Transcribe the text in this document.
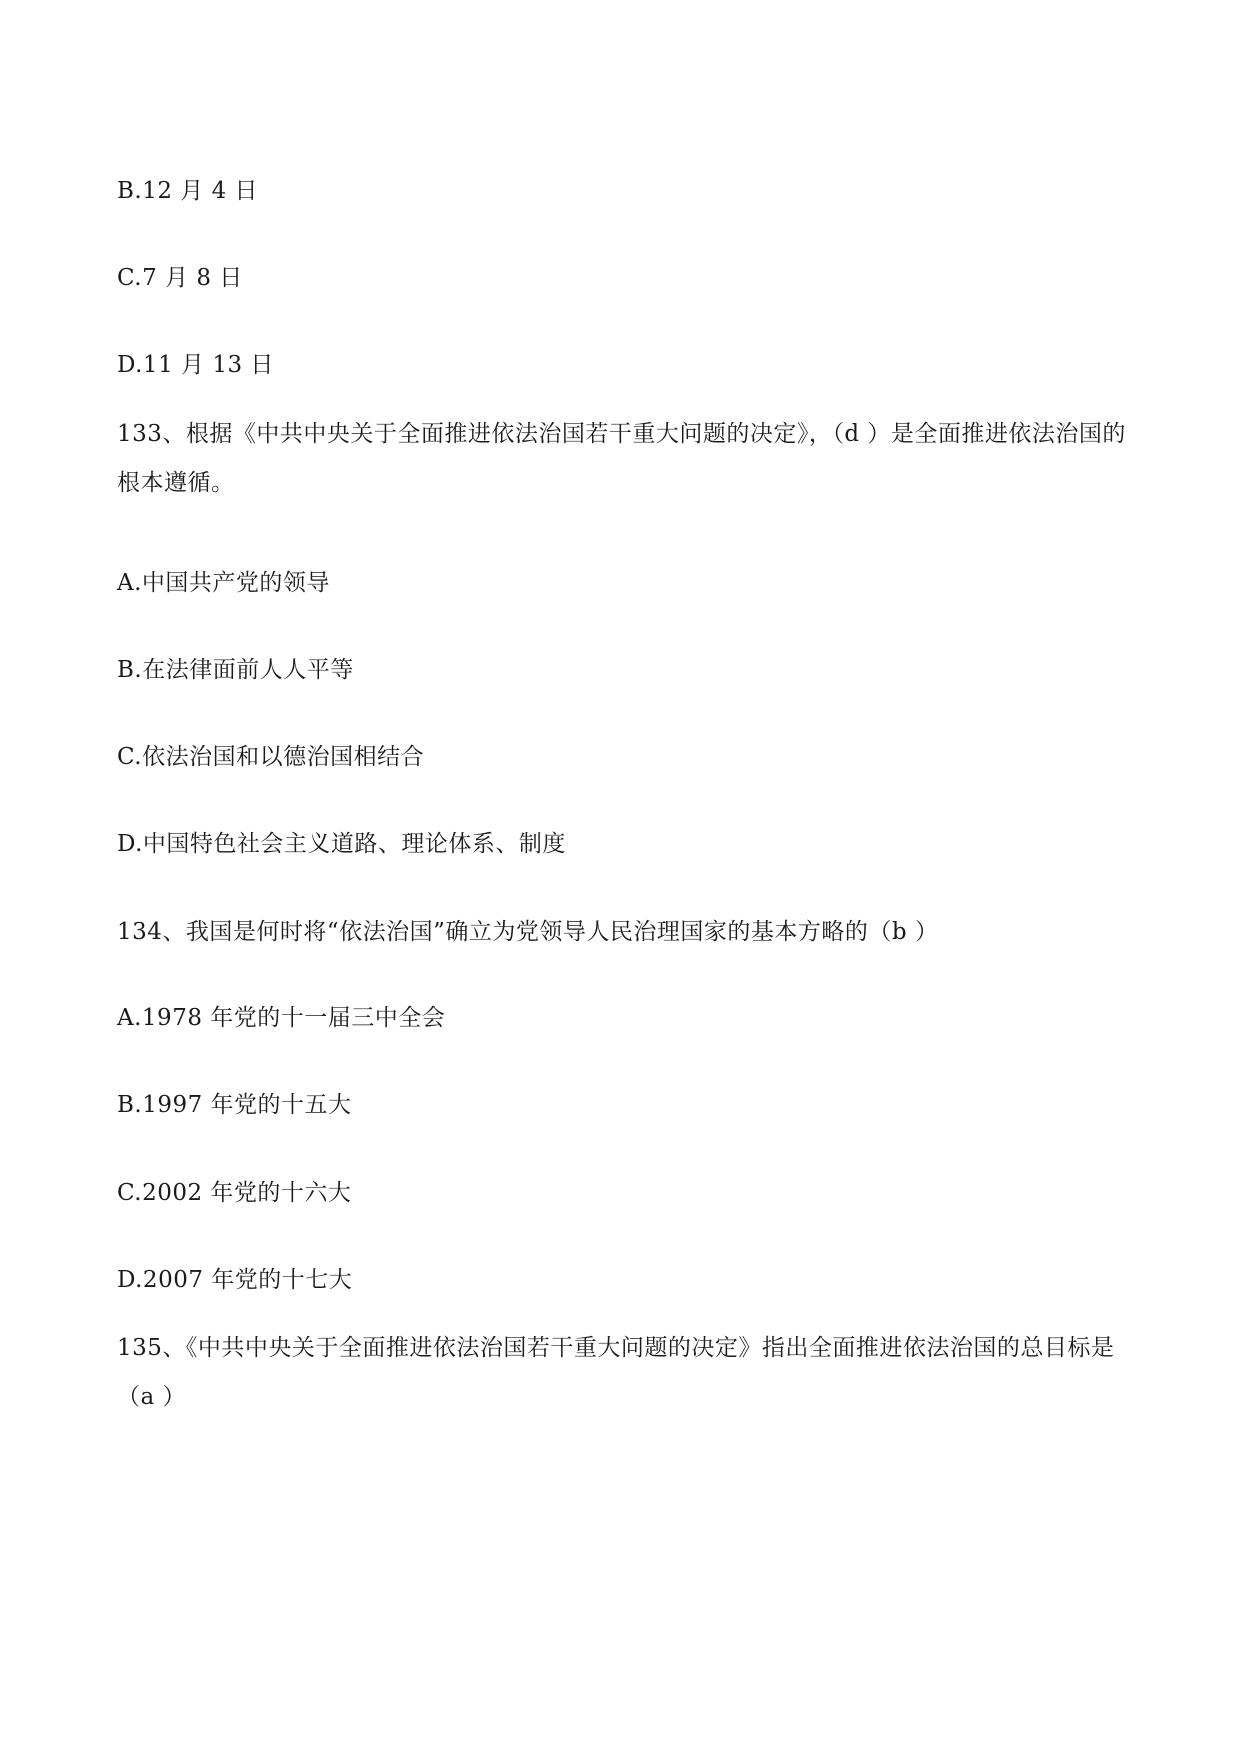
B.12 月 4 日
C.7 月 8 日
D.11 月 13 日
133、根据《中共中央关于全面推进依法治国若干重大问题的决定》，（d ）是全面推进依法治国的根本遵循。
A.中国共产党的领导
B.在法律面前人人平等
C.依法治国和以德治国相结合
D.中国特色社会主义道路、理论体系、制度
134、我国是何时将“依法治国”确立为党领导人民治理国家的基本方略的（b ）
A.1978 年党的十一届三中全会
B.1997 年党的十五大
C.2002 年党的十六大
D.2007 年党的十七大
135、《中共中央关于全面推进依法治国若干重大问题的决定》指出全面推进依法治国的总目标是（a ）
